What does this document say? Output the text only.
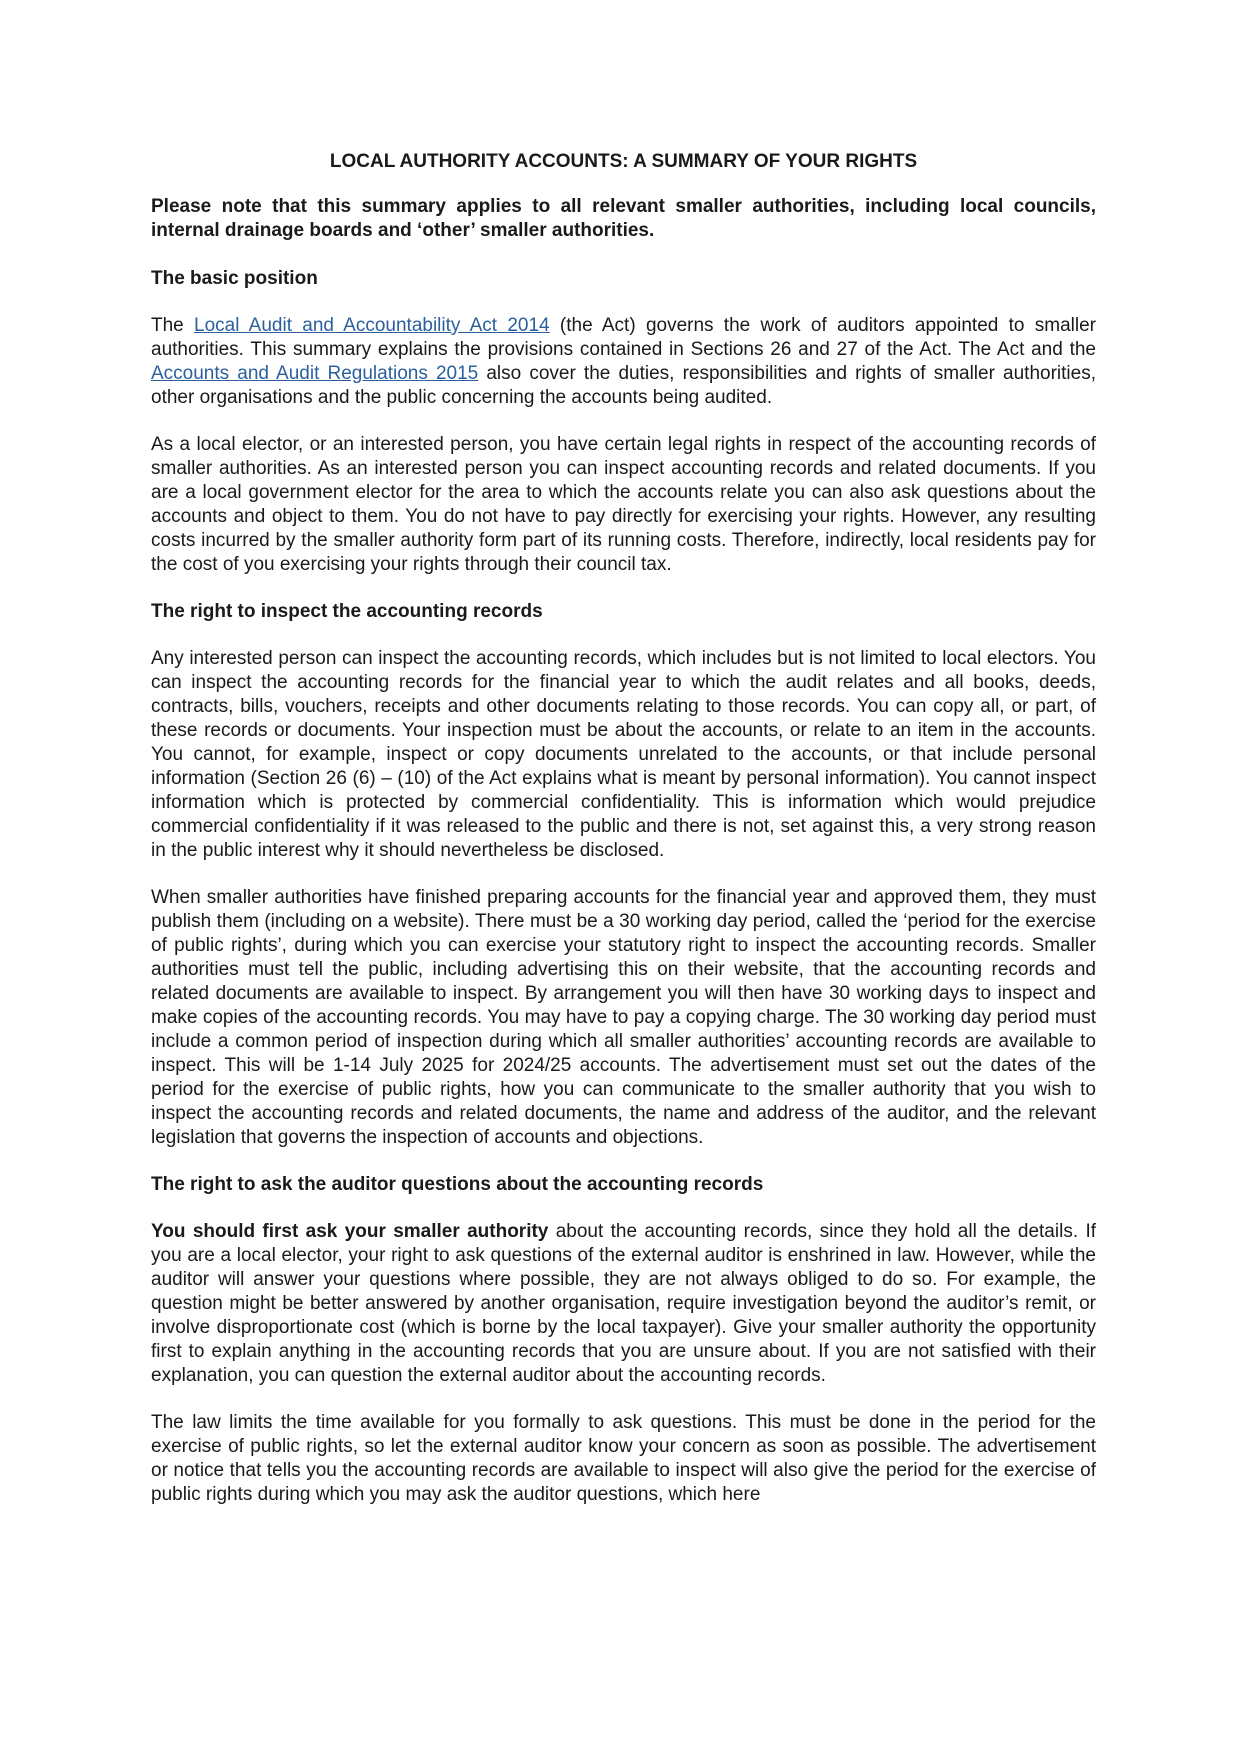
LOCAL AUTHORITY ACCOUNTS: A SUMMARY OF YOUR RIGHTS
Please note that this summary applies to all relevant smaller authorities, including local councils, internal drainage boards and ‘other’ smaller authorities.
The basic position

The Local Audit and Accountability Act 2014 (the Act) governs the work of auditors appointed to smaller authorities. This summary explains the provisions contained in Sections 26 and 27 of the Act. The Act and the Accounts and Audit Regulations 2015 also cover the duties, responsibilities and rights of smaller authorities, other organisations and the public concerning the accounts being audited.

As a local elector, or an interested person, you have certain legal rights in respect of the accounting records of smaller authorities. As an interested person you can inspect accounting records and related documents. If you are a local government elector for the area to which the accounts relate you can also ask questions about the accounts and object to them. You do not have to pay directly for exercising your rights. However, any resulting costs incurred by the smaller authority form part of its running costs. Therefore, indirectly, local residents pay for the cost of you exercising your rights through their council tax.

The right to inspect the accounting records

Any interested person can inspect the accounting records, which includes but is not limited to local electors. You can inspect the accounting records for the financial year to which the audit relates and all books, deeds, contracts, bills, vouchers, receipts and other documents relating to those records. You can copy all, or part, of these records or documents. Your inspection must be about the accounts, or relate to an item in the accounts. You cannot, for example, inspect or copy documents unrelated to the accounts, or that include personal information (Section 26 (6) – (10) of the Act explains what is meant by personal information). You cannot inspect information which is protected by commercial confidentiality. This is information which would prejudice commercial confidentiality if it was released to the public and there is not, set against this, a very strong reason in the public interest why it should nevertheless be disclosed.

When smaller authorities have finished preparing accounts for the financial year and approved them, they must publish them (including on a website). There must be a 30 working day period, called the ‘period for the exercise of public rights’, during which you can exercise your statutory right to inspect the accounting records. Smaller authorities must tell the public, including advertising this on their website, that the accounting records and related documents are available to inspect. By arrangement you will then have 30 working days to inspect and make copies of the accounting records. You may have to pay a copying charge. The 30 working day period must include a common period of inspection during which all smaller authorities’ accounting records are available to inspect. This will be 1-14 July 2025 for 2024/25 accounts. The advertisement must set out the dates of the period for the exercise of public rights, how you can communicate to the smaller authority that you wish to inspect the accounting records and related documents, the name and address of the auditor, and the relevant legislation that governs the inspection of accounts and objections.

The right to ask the auditor questions about the accounting records

You should first ask your smaller authority about the accounting records, since they hold all the details. If you are a local elector, your right to ask questions of the external auditor is enshrined in law. However, while the auditor will answer your questions where possible, they are not always obliged to do so. For example, the question might be better answered by another organisation, require investigation beyond the auditor’s remit, or involve disproportionate cost (which is borne by the local taxpayer). Give your smaller authority the opportunity first to explain anything in the accounting records that you are unsure about. If you are not satisfied with their explanation, you can question the external auditor about the accounting records.

The law limits the time available for you formally to ask questions. This must be done in the period for the exercise of public rights, so let the external auditor know your concern as soon as possible. The advertisement or notice that tells you the accounting records are available to inspect will also give the period for the exercise of public rights during which you may ask the auditor questions, which here
